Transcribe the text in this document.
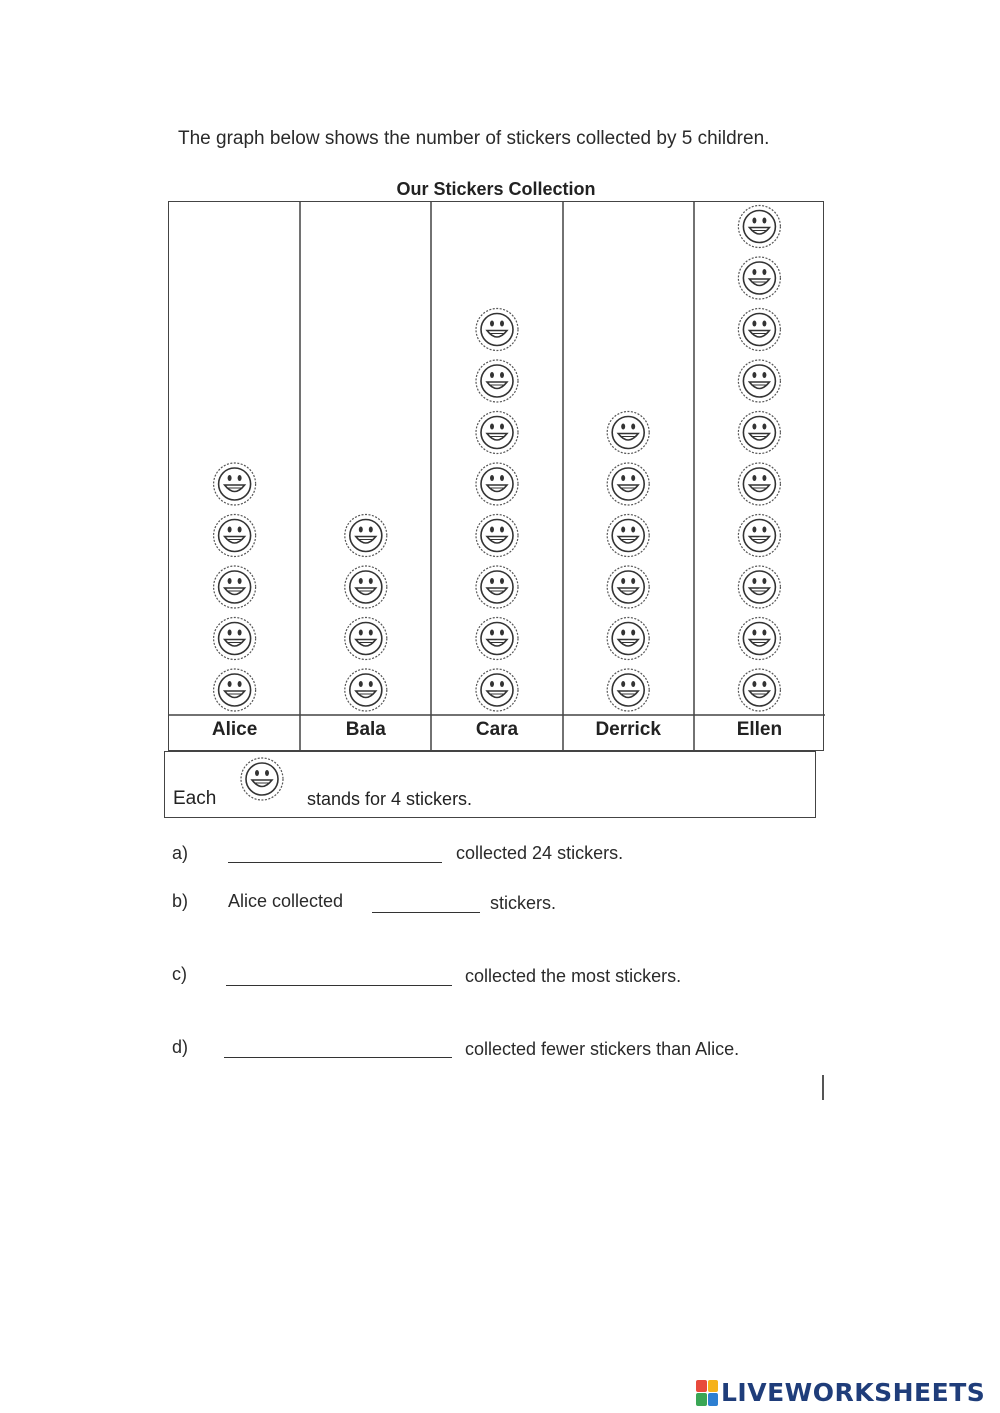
The graph below shows the number of stickers collected by 5 children.
Our Stickers Collection
Alice	Bala	Cara	Derrick	Ellen
Each	stands for 4 stickers.
a)	collected 24 stickers.
b) Alice collected	stickers.
c)	collected the most stickers.
d)	collected fewer stickers than Alice.
LIVEWORKSHEETS
